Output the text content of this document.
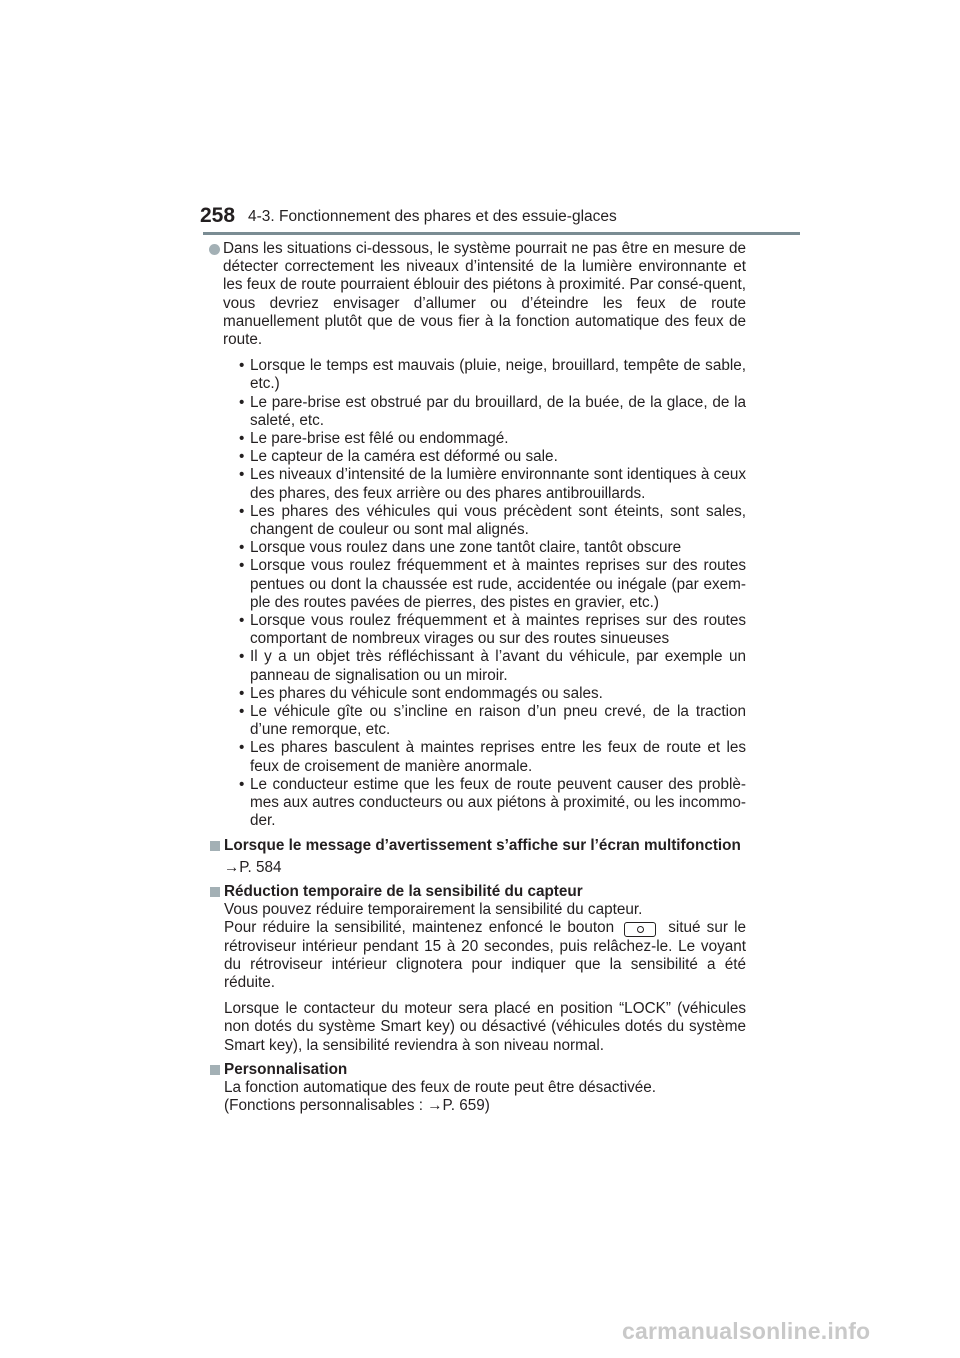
258 4-3. Fonctionnement des phares et des essuie-glaces
Dans les situations ci-dessous, le système pourrait ne pas être en mesure de détecter correctement les niveaux d’intensité de la lumière environnante et les feux de route pourraient éblouir des piétons à proximité. Par consé-quent, vous devriez envisager d’allumer ou d’éteindre les feux de route manuellement plutôt que de vous fier à la fonction automatique des feux de route.
• Lorsque le temps est mauvais (pluie, neige, brouillard, tempête de sable, etc.)
• Le pare-brise est obstrué par du brouillard, de la buée, de la glace, de la saleté, etc.
• Le pare-brise est fêlé ou endommagé.
• Le capteur de la caméra est déformé ou sale.
• Les niveaux d’intensité de la lumière environnante sont identiques à ceux des phares, des feux arrière ou des phares antibrouillards.
• Les phares des véhicules qui vous précèdent sont éteints, sont sales, changent de couleur ou sont mal alignés.
• Lorsque vous roulez dans une zone tantôt claire, tantôt obscure
• Lorsque vous roulez fréquemment et à maintes reprises sur des routes pentues ou dont la chaussée est rude, accidentée ou inégale (par exem-ple des routes pavées de pierres, des pistes en gravier, etc.)
• Lorsque vous roulez fréquemment et à maintes reprises sur des routes comportant de nombreux virages ou sur des routes sinueuses
• Il y a un objet très réfléchissant à l’avant du véhicule, par exemple un panneau de signalisation ou un miroir.
• Les phares du véhicule sont endommagés ou sales.
• Le véhicule gîte ou s’incline en raison d’un pneu crevé, de la traction d’une remorque, etc.
• Les phares basculent à maintes reprises entre les feux de route et les feux de croisement de manière anormale.
• Le conducteur estime que les feux de route peuvent causer des problè-mes aux autres conducteurs ou aux piétons à proximité, ou les incommo-der.
Lorsque le message d’avertissement s’affiche sur l’écran multifonction
→P. 584
Réduction temporaire de la sensibilité du capteur
Vous pouvez réduire temporairement la sensibilité du capteur.
Pour réduire la sensibilité, maintenez enfoncé le bouton	situé sur le rétroviseur intérieur pendant 15 à 20 secondes, puis relâchez-le. Le voyant du rétroviseur intérieur clignotera pour indiquer que la sensibilité a été réduite.
Lorsque le contacteur du moteur sera placé en position “LOCK” (véhicules non dotés du système Smart key) ou désactivé (véhicules dotés du système Smart key), la sensibilité reviendra à son niveau normal.
Personnalisation
La fonction automatique des feux de route peut être désactivée.
(Fonctions personnalisables : →P. 659)
carmanualsonline.info
